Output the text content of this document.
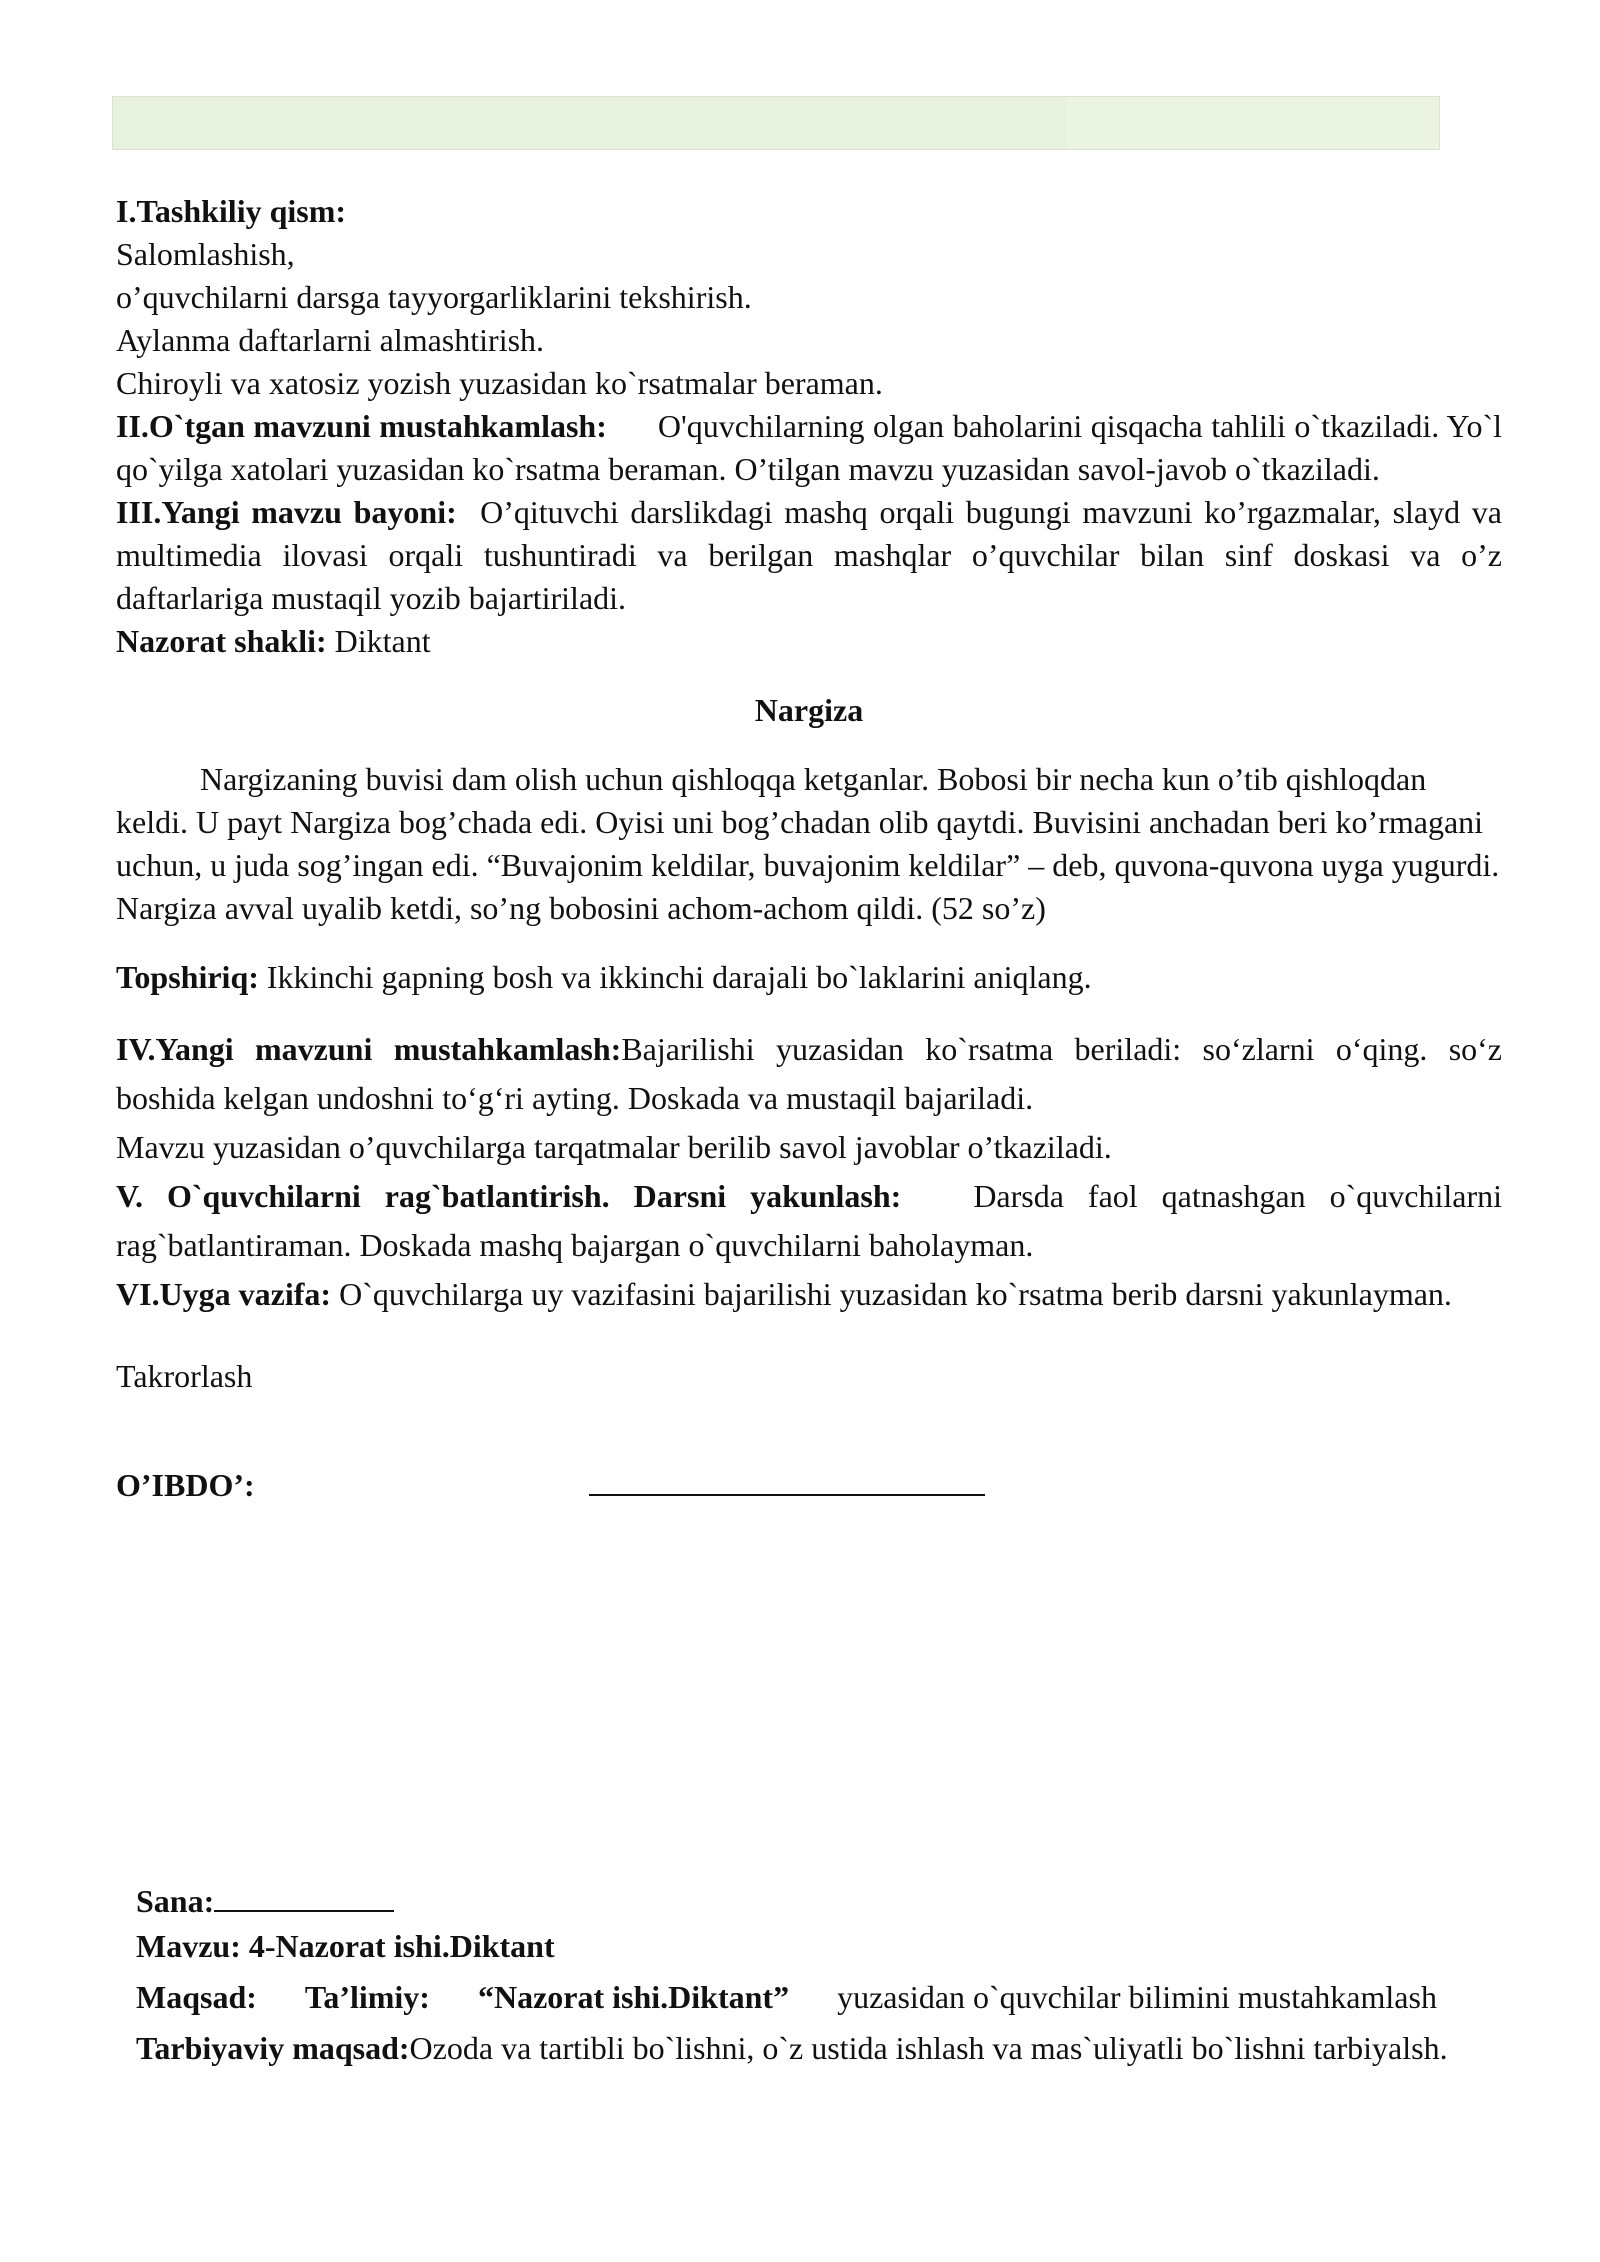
I.Tashkiliy qism:

Salomlashish,

o’quvchilarni darsga tayyorgarliklarini tekshirish.

Aylanma daftarlarni almashtirish.

Chiroyli va xatosiz yozish yuzasidan ko`rsatmalar beraman.

II.O`tgan mavzuni mustahkamlash: O'quvchilarning olgan baholarini qisqacha tahlili o`tkaziladi. Yo`l qo`yilga xatolari yuzasidan ko`rsatma beraman. O’tilgan mavzu yuzasidan savol-javob o`tkaziladi.

III.Yangi mavzu bayoni: O’qituvchi darslikdagi mashq orqali bugungi mavzuni ko’rgazmalar, slayd va multimedia ilovasi orqali tushuntiradi va berilgan mashqlar o’quvchilar bilan sinf doskasi va o’z daftarlariga mustaqil yozib bajartiriladi.

Nazorat shakli: Diktant

Nargiza

Nargizaning buvisi dam olish uchun qishloqqa ketganlar. Bobosi bir necha kun o’tib qishloqdan keldi. U payt Nargiza bog’chada edi. Oyisi uni bog’chadan olib qaytdi. Buvisini anchadan beri ko’rmagani uchun, u juda sog’ingan edi. “Buvajonim keldilar, buvajonim keldilar” – deb, quvona-quvona uyga yugurdi. Nargiza avval uyalib ketdi, so’ng bobosini achom-achom qildi. (52 so’z)

Topshiriq: Ikkinchi gapning bosh va ikkinchi darajali bo`laklarini aniqlang.

IV.Yangi mavzuni mustahkamlash:Bajarilishi yuzasidan ko`rsatma beriladi: so‘zlarni o‘qing. so‘z boshida kelgan undoshni to‘g‘ri ayting. Doskada va mustaqil bajariladi.

Mavzu yuzasidan o’quvchilarga tarqatmalar berilib savol javoblar o’tkaziladi.

V. O`quvchilarni rag`batlantirish. Darsni yakunlash: Darsda faol qatnashgan o`quvchilarni rag`batlantiraman. Doskada mashq bajargan o`quvchilarni baholayman.

VI.Uyga vazifa: O`quvchilarga uy vazifasini bajarilishi yuzasidan ko`rsatma berib darsni yakunlayman.

Takrorlash

O’IBDO’:

Sana:

Mavzu: 4-Nazorat ishi.Diktant

Maqsad: Ta’limiy: “Nazorat ishi.Diktant” yuzasidan o`quvchilar bilimini mustahkamlash

Tarbiyaviy maqsad:Ozoda va tartibli bo`lishni, o`z ustida ishlash va mas`uliyatli bo`lishni tarbiyalsh.
